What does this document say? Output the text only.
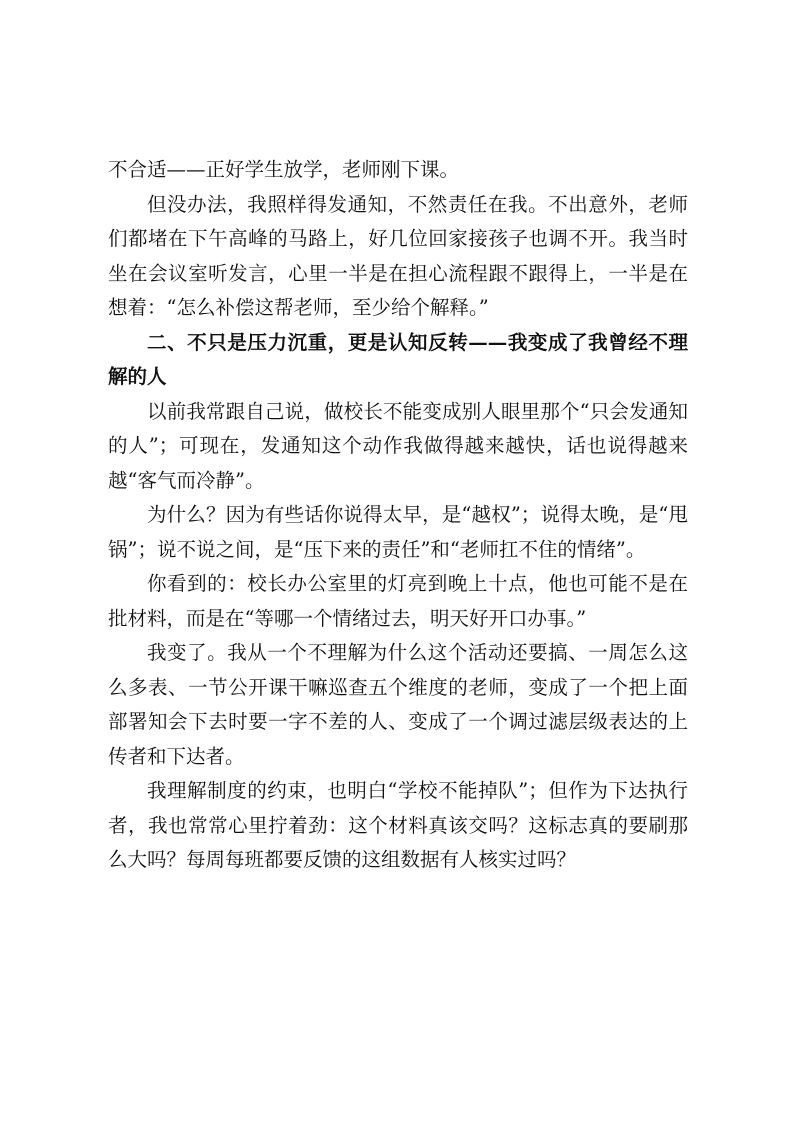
不合适——正好学生放学，老师刚下课。

但没办法，我照样得发通知，不然责任在我。不出意外，老师们都堵在下午高峰的马路上，好几位回家接孩子也调不开。我当时坐在会议室听发言，心里一半是在担心流程跟不跟得上，一半是在想着：“怎么补偿这帮老师，至少给个解释。”

二、不只是压力沉重，更是认知反转——我变成了我曾经不理解的人

以前我常跟自己说，做校长不能变成别人眼里那个“只会发通知的人”；可现在，发通知这个动作我做得越来越快，话也说得越来越“客气而冷静”。

为什么？因为有些话你说得太早，是“越权”；说得太晚，是“甩锅”；说不说之间，是“压下来的责任”和“老师扛不住的情绪”。

你看到的：校长办公室里的灯亮到晚上十点，他也可能不是在批材料，而是在“等哪一个情绪过去，明天好开口办事。”

我变了。我从一个不理解为什么这个活动还要搞、一周怎么这么多表、一节公开课干嘛巡查五个维度的老师，变成了一个把上面部署知会下去时要一字不差的人、变成了一个调过滤层级表达的上传者和下达者。

我理解制度的约束，也明白“学校不能掉队”；但作为下达执行者，我也常常心里拧着劲：这个材料真该交吗？这标志真的要刷那么大吗？每周每班都要反馈的这组数据有人核实过吗？
